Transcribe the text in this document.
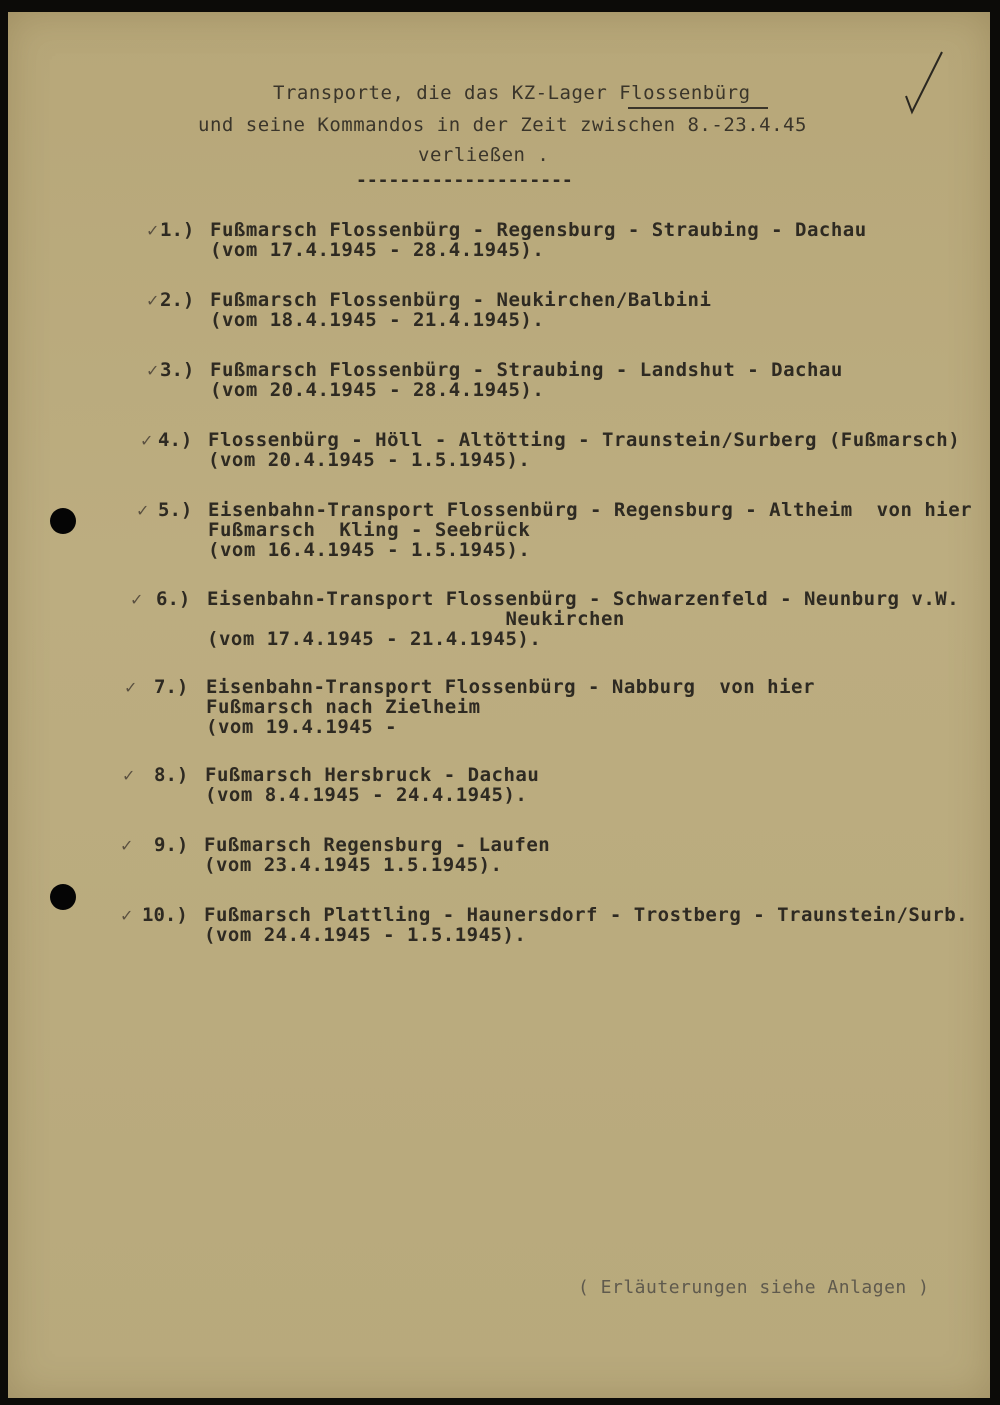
Transporte, die das KZ-Lager Flossenbürg
und seine Kommandos in der Zeit zwischen 8.-23.4.45
verließen .
--------------------
✓ 1.) Fußmarsch Flossenbürg - Regensburg - Straubing - Dachau
(vom 17.4.1945 - 28.4.1945).
✓ 2.) Fußmarsch Flossenbürg - Neukirchen/Balbini
(vom 18.4.1945 - 21.4.1945).
✓ 3.) Fußmarsch Flossenbürg - Straubing - Landshut - Dachau
(vom 20.4.1945 - 28.4.1945).
✓ 4.) Flossenbürg - Höll - Altötting - Traunstein/Surberg (Fußmarsch)
(vom 20.4.1945 - 1.5.1945).
✓ 5.) Eisenbahn-Transport Flossenbürg - Regensburg - Altheim  von hier
Fußmarsch  Kling - Seebrück
(vom 16.4.1945 - 1.5.1945).
✓ 6.) Eisenbahn-Transport Flossenbürg - Schwarzenfeld - Neunburg v.W.
Neukirchen
(vom 17.4.1945 - 21.4.1945).
✓ 7.) Eisenbahn-Transport Flossenbürg - Nabburg  von hier
Fußmarsch nach Zielheim
(vom 19.4.1945 -
✓ 8.) Fußmarsch Hersbruck - Dachau
(vom 8.4.1945 - 24.4.1945).
✓ 9.) Fußmarsch Regensburg - Laufen
(vom 23.4.1945 1.5.1945).
✓ 10.) Fußmarsch Plattling - Haunersdorf - Trostberg - Traunstein/Surb.
(vom 24.4.1945 - 1.5.1945).
( Erläuterungen siehe Anlagen )
